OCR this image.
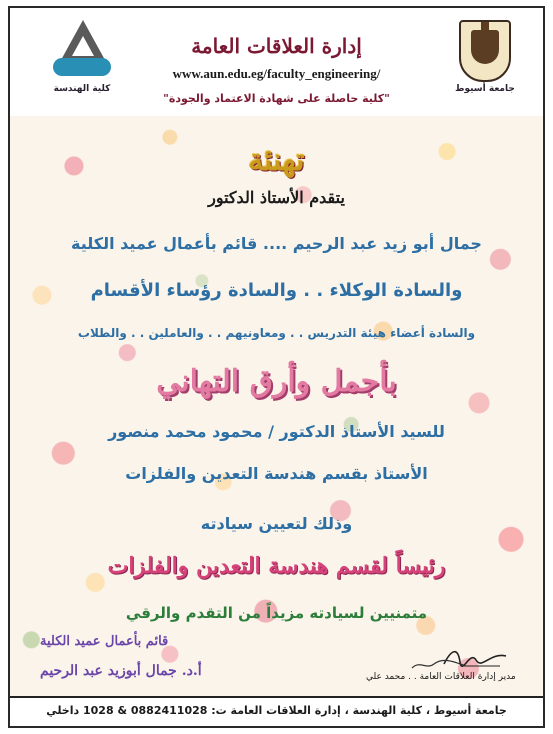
جامعة أسيوط
إدارة العلاقات العامة
www.aun.edu.eg/faculty_engineering/
"كلية حاصلة على شهادة الاعتماد والجودة"
كلية الهندسة
تهنئة
يتقدم الأستاذ الدكتور
جمال أبو زيد عبد الرحيم .... قائم بأعمال عميد الكلية
والسادة الوكلاء . . والسادة رؤساء الأقسام
والسادة أعضاء هيئة التدريس . . ومعاونيهم . . والعاملين . . والطلاب
بأجمل وأرق التهاني
للسيد الأستاذ الدكتور / محمود محمد منصور
الأستاذ بقسم هندسة التعدين والفلزات
وذلك لتعيين سيادته
رئيساً لقسم هندسة التعدين والفلزات
متمنيين لسيادته مزيداً من التقدم والرقي
قائم بأعمال عميد الكلية
أ.د. جمال أبوزيد عبد الرحيم	مدير إدارة العلاقات العامة . . محمد علي
جامعة أسيوط ، كلية الهندسة ، إدارة العلاقات العامة ت: 0882411028 & 1028 داخلي
